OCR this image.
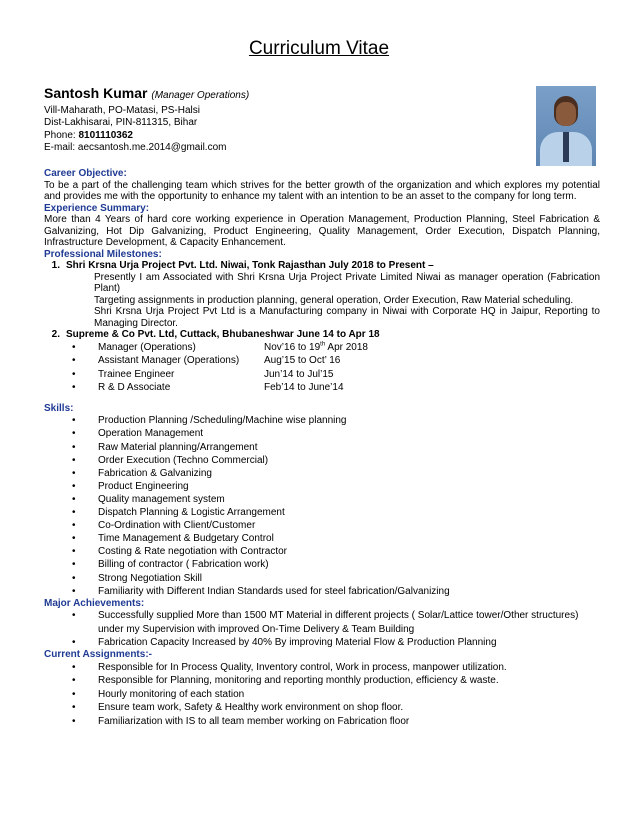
Curriculum Vitae
Santosh Kumar (Manager Operations)
Vill-Maharath, PO-Matasi, PS-Halsi
Dist-Lakhisarai, PIN-811315, Bihar
Phone: 8101110362
E-mail: aecsantosh.me.2014@gmail.com
Career Objective:
To be a part of the challenging team which strives for the better growth of the organization and which explores my potential and provides me with the opportunity to enhance my talent with an intention to be an asset to the company for long term.
Experience Summary:
More than 4 Years of hard core working experience in Operation Management, Production Planning, Steel Fabrication & Galvanizing, Hot Dip Galvanizing, Product Engineering, Quality Management, Order Execution, Dispatch Planning, Infrastructure Development, & Capacity Enhancement.
Professional Milestones:
1. Shri Krsna Urja Project Pvt. Ltd. Niwai, Tonk Rajasthan July 2018 to Present –
Presently I am Associated with Shri Krsna Urja Project Private Limited Niwai as manager operation (Fabrication Plant)
Targeting assignments in production planning, general operation, Order Execution, Raw Material scheduling.
Shri Krsna Urja Project Pvt Ltd is a Manufacturing company in Niwai with Corporate HQ in Jaipur, Reporting to Managing Director.
2. Supreme & Co Pvt. Ltd, Cuttack, Bhubaneshwar June 14 to Apr 18
•	Manager (Operations)	Nov’16 to 19th Apr 2018
•	Assistant Manager (Operations)	Aug’15 to Oct’ 16
•	Trainee Engineer	Jun’14 to Jul’15
•	R & D Associate	Feb’14 to June’14
Skills:
•	Production Planning /Scheduling/Machine wise planning
•	Operation Management
•	Raw Material planning/Arrangement
•	Order Execution (Techno Commercial)
•	Fabrication & Galvanizing
•	Product Engineering
•	Quality management system
•	Dispatch Planning & Logistic Arrangement
•	Co-Ordination with Client/Customer
•	Time Management & Budgetary Control
•	Costing & Rate negotiation with Contractor
•	Billing of contractor ( Fabrication work)
•	Strong Negotiation Skill
•	Familiarity with Different Indian Standards used for steel fabrication/Galvanizing
Major Achievements:
•	Successfully supplied More than 1500 MT Material in different projects ( Solar/Lattice tower/Other structures) under my Supervision with improved On-Time Delivery & Team Building
•	Fabrication Capacity Increased by 40% By improving Material Flow & Production Planning
Current Assignments:-
•	Responsible for In Process Quality, Inventory control, Work in process, manpower utilization.
•	Responsible for Planning, monitoring and reporting monthly production, efficiency & waste.
•	Hourly monitoring of each station
•	Ensure team work, Safety & Healthy work environment on shop floor.
•	Familiarization with IS to all team member working on Fabrication floor
